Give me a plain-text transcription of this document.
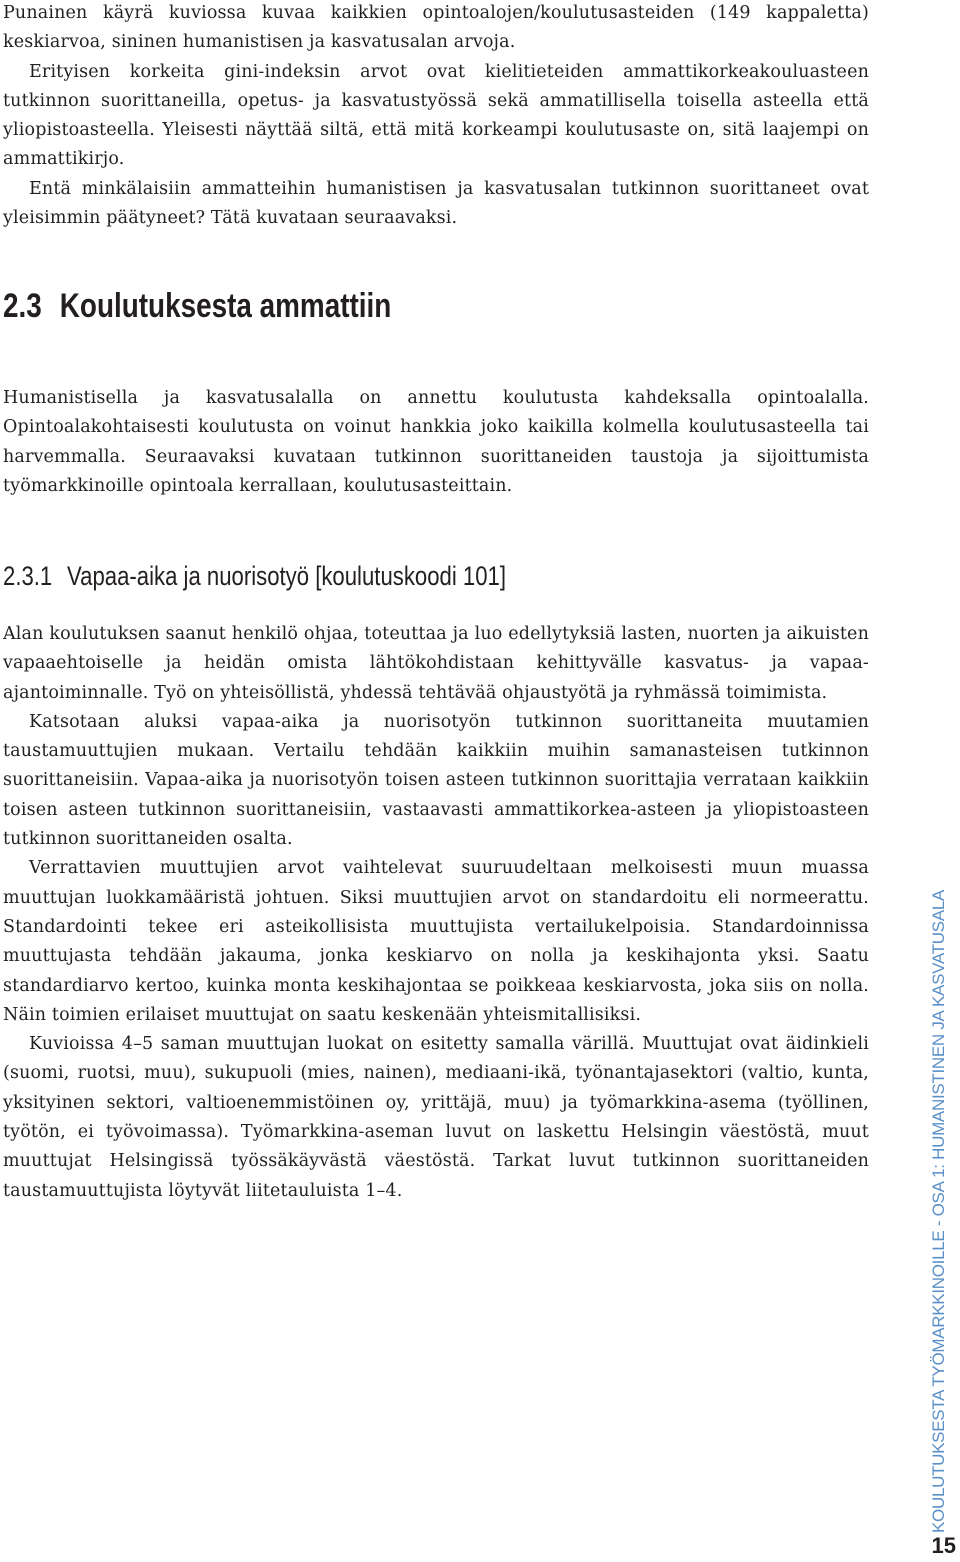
Punainen käyrä kuviossa kuvaa kaikkien opintoalojen/koulutusasteiden (149 kappaletta) keskiarvoa, sininen humanistisen ja kasvatusalan arvoja.

Erityisen korkeita gini-indeksin arvot ovat kielitieteiden ammattikorkeakouluasteen tutkinnon suorittaneilla, opetus- ja kasvatustyössä sekä ammatillisella toisella asteella että yliopistoasteella. Yleisesti näyttää siltä, että mitä korkeampi koulutusaste on, sitä laajempi on ammattikirjo.

Entä minkälaisiin ammatteihin humanistisen ja kasvatusalan tutkinnon suorittaneet ovat yleisimmin päätyneet? Tätä kuvataan seuraavaksi.

2.3 Koulutuksesta ammattiin

Humanistisella ja kasvatusalalla on annettu koulutusta kahdeksalla opintoalalla. Opintoalakohtaisesti koulutusta on voinut hankkia joko kaikilla kolmella koulutusasteella tai harvemmalla. Seuraavaksi kuvataan tutkinnon suorittaneiden taustoja ja sijoittumista työmarkkinoille opintoala kerrallaan, koulutusasteittain.

2.3.1 Vapaa-aika ja nuorisotyö [koulutuskoodi 101]

Alan koulutuksen saanut henkilö ohjaa, toteuttaa ja luo edellytyksiä lasten, nuorten ja aikuisten vapaaehtoiselle ja heidän omista lähtökohdistaan kehittyvälle kasvatus- ja vapaa-ajantoiminnalle. Työ on yhteisöllistä, yhdessä tehtävää ohjaustyötä ja ryhmässä toimimista.

Katsotaan aluksi vapaa-aika ja nuorisotyön tutkinnon suorittaneita muutamien taustamuuttujien mukaan. Vertailu tehdään kaikkiin muihin samanasteisen tutkinnon suorittaneisiin. Vapaa-aika ja nuorisotyön toisen asteen tutkinnon suorittajia verrataan kaikkiin toisen asteen tutkinnon suorittaneisiin, vastaavasti ammattikorkea-asteen ja yliopistoasteen tutkinnon suorittaneiden osalta.

Verrattavien muuttujien arvot vaihtelevat suuruudeltaan melkoisesti muun muassa muuttujan luokkamääristä johtuen. Siksi muuttujien arvot on standardoitu eli normeerattu. Standardointi tekee eri asteikollisista muuttujista vertailukelpoisia. Standardoinnissa muuttujasta tehdään jakauma, jonka keskiarvo on nolla ja keskihajonta yksi. Saatu standardiarvo kertoo, kuinka monta keskihajontaa se poikkeaa keskiarvosta, joka siis on nolla. Näin toimien erilaiset muuttujat on saatu keskenään yhteismitallisiksi.

Kuvioissa 4–5 saman muuttujan luokat on esitetty samalla värillä. Muuttujat ovat äidinkieli (suomi, ruotsi, muu), sukupuoli (mies, nainen), mediaani-ikä, työnantajasektori (valtio, kunta, yksityinen sektori, valtioenemmistöinen oy, yrittäjä, muu) ja työmarkkina-asema (työllinen, työtön, ei työvoimassa). Työmarkkina-aseman luvut on laskettu Helsingin väestöstä, muut muuttujat Helsingissä työssäkäyvästä väestöstä. Tarkat luvut tutkinnon suorittaneiden taustamuuttujista löytyvät liitetauluista 1–4.	KOULUTUKSESTA TYÖMARKKINOILLE - OSA 1: HUMANISTINEN JA KASVATUSALA
15
